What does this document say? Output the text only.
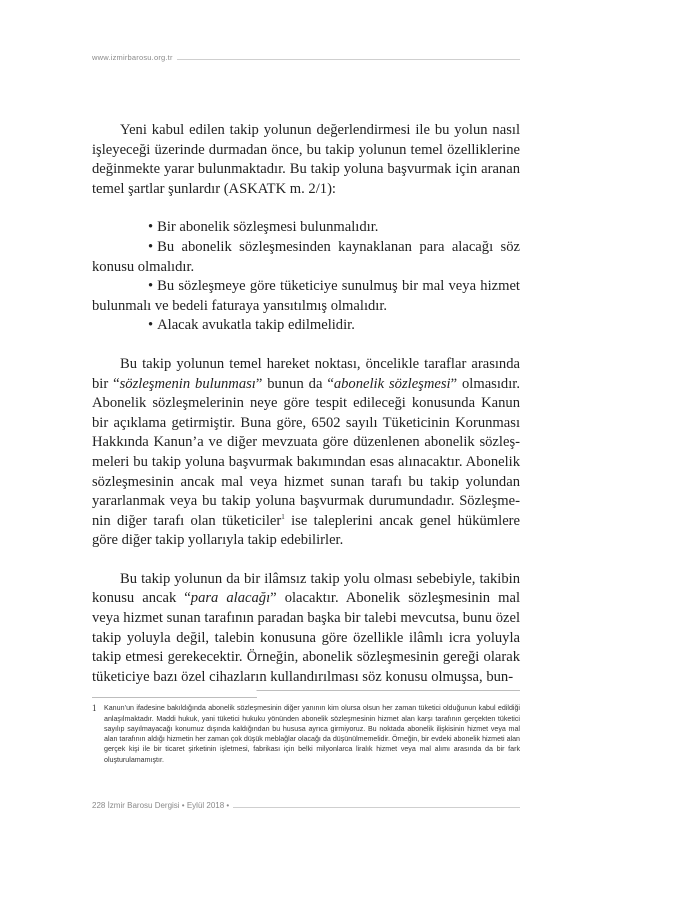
www.izmirbarosu.org.tr

Yeni kabul edilen takip yolunun değerlendirmesi ile bu yolun nasıl işleyeceği üzerinde durmadan önce, bu takip yolunun temel özelliklerine değinmekte yarar bulunmaktadır. Bu takip yoluna başvurmak için aranan temel şartlar şunlardır (ASKATK m. 2/1):

• Bir abonelik sözleşmesi bulunmalıdır.
• Bu abonelik sözleşmesinden kaynaklanan para alacağı söz konusu olmalıdır.
• Bu sözleşmeye göre tüketiciye sunulmuş bir mal veya hizmet bulunmalı ve bedeli faturaya yansıtılmış olmalıdır.
• Alacak avukatla takip edilmelidir.

Bu takip yolunun temel hareket noktası, öncelikle taraflar arasında bir “sözleşmenin bulunması” bunun da “abonelik sözleşmesi” olmasıdır. Abonelik sözleşmelerinin neye göre tespit edileceği konusunda Kanun bir açıklama getirmiştir. Buna göre, 6502 sayılı Tüketicinin Korunması Hakkında Kanun’a ve diğer mevzuata göre düzenlenen abonelik sözleşmeleri bu takip yoluna başvurmak bakımından esas alınacaktır. Abonelik sözleşmesinin ancak mal veya hizmet sunan tarafı bu takip yolundan yararlanmak veya bu takip yoluna başvurmak durumundadır. Sözleşmenin diğer tarafı olan tüketiciler$^1$ ise taleplerini ancak genel hükümlere göre diğer takip yollarıyla takip edebilirler.

Bu takip yolunun da bir ilâmsız takip yolu olması sebebiyle, takibin konusu ancak “para alacağı” olacaktır. Abonelik sözleşmesinin mal veya hizmet sunan tarafının paradan başka bir talebi mevcutsa, bunu özel takip yoluyla değil, talebin konusuna göre özellikle ilâmlı icra yoluyla takip etmesi gerekecektir. Örneğin, abonelik sözleşmesinin gereği olarak tüketiciye bazı özel cihazların kullandırılması söz konusu olmuşsa, bun-

1	Kanun’un ifadesine bakıldığında abonelik sözleşmesinin diğer yanının kim olursa olsun her zaman tüketici olduğunun kabul edildiği anlaşılmaktadır. Maddi hukuk, yani tüketici hukuku yönünden abonelik sözleşmesinin hizmet alan karşı tarafının gerçekten tüketici sayılıp sayılmayacağı konumuz dışında kaldığından bu hususa ayrıca girmiyoruz. Bu noktada abonelik ilişkisinin hizmet veya mal alan tarafının aldığı hizmetin her zaman çok düşük meblağlar olacağı da düşünülmemelidir. Örneğin, bir evdeki abonelik hizmeti alan gerçek kişi ile bir ticaret şirketinin işletmesi, fabrikası için belki milyonlarca liralık hizmet veya mal alımı arasında da bir fark oluşturulamamıştır.
228 İzmir Barosu Dergisi • Eylül 2018 •
